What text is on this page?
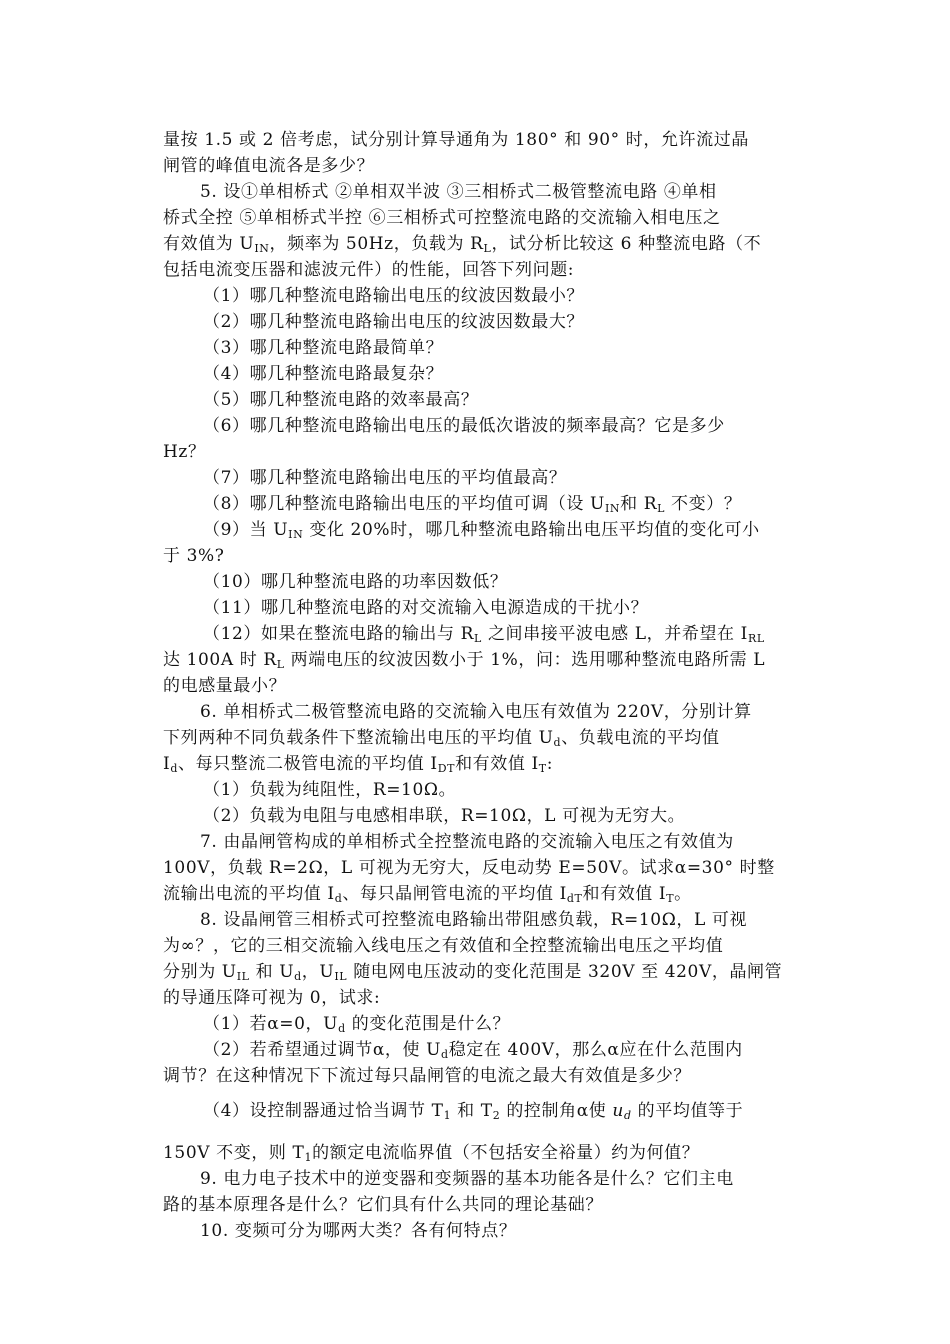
量按 1.5 或 2 倍考虑，试分别计算导通角为 180° 和 90° 时，允许流过晶
闸管的峰值电流各是多少？
5. 设①单相桥式 ②单相双半波 ③三相桥式二极管整流电路 ④单相
桥式全控 ⑤单相桥式半控 ⑥三相桥式可控整流电路的交流输入相电压之
有效值为 $U_{IN}$，频率为 50Hz，负载为 $R_L$，试分析比较这 6 种整流电路（不
包括电流变压器和滤波元件）的性能，回答下列问题:
（1）哪几种整流电路输出电压的纹波因数最小？
（2）哪几种整流电路输出电压的纹波因数最大？
（3）哪几种整流电路最简单？
（4）哪几种整流电路最复杂？
（5）哪几种整流电路的效率最高？
（6）哪几种整流电路输出电压的最低次谐波的频率最高？它是多少
Hz？
（7）哪几种整流电路输出电压的平均值最高？
（8）哪几种整流电路输出电压的平均值可调（设 $U_{IN}$和 $R_L$ 不变）？
（9）当 $U_{IN}$ 变化 20%时，哪几种整流电路输出电压平均值的变化可小
于 3%?
（10）哪几种整流电路的功率因数低？
（11）哪几种整流电路的对交流输入电源造成的干扰小？
（12）如果在整流电路的输出与 $R_L$ 之间串接平波电感 L，并希望在 $I_{RL}$
达 100A 时 $R_L$ 两端电压的纹波因数小于 1%，问：选用哪种整流电路所需 L
的电感量最小？
6. 单相桥式二极管整流电路的交流输入电压有效值为 220V，分别计算
下列两种不同负载条件下整流输出电压的平均值 $U_d$、负载电流的平均值
$I_d$、每只整流二极管电流的平均值 $I_{DT}$和有效值 $I_T$:
（1）负载为纯阻性，R=10Ω。
（2）负载为电阻与电感相串联，R=10Ω，L 可视为无穷大。
7. 由晶闸管构成的单相桥式全控整流电路的交流输入电压之有效值为
100V，负载 R=2Ω，L 可视为无穷大，反电动势 E=50V。试求α=30° 时整
流输出电流的平均值 $I_d$、每只晶闸管电流的平均值 $I_{dT}$和有效值 $I_T$。
8. 设晶闸管三相桥式可控整流电路输出带阻感负载，R=10Ω，L 可视
为∞？，它的三相交流输入线电压之有效值和全控整流输出电压之平均值
分别为 $U_{IL}$ 和 $U_d$，$U_{IL}$ 随电网电压波动的变化范围是 320V 至 420V，晶闸管
的导通压降可视为 0，试求:
（1）若α=0，$U_d$ 的变化范围是什么？
（2）若希望通过调节α，使 $U_d$稳定在 400V，那么α应在什么范围内
调节？在这种情况下下流过每只晶闸管的电流之最大有效值是多少？
（4）设控制器通过恰当调节 $T_1$ 和 $T_2$ 的控制角α使 $u_d$ 的平均值等于
150V 不变，则 $T_1$的额定电流临界值（不包括安全裕量）约为何值？
9. 电力电子技术中的逆变器和变频器的基本功能各是什么？它们主电
路的基本原理各是什么？它们具有什么共同的理论基础？
10. 变频可分为哪两大类？各有何特点？
